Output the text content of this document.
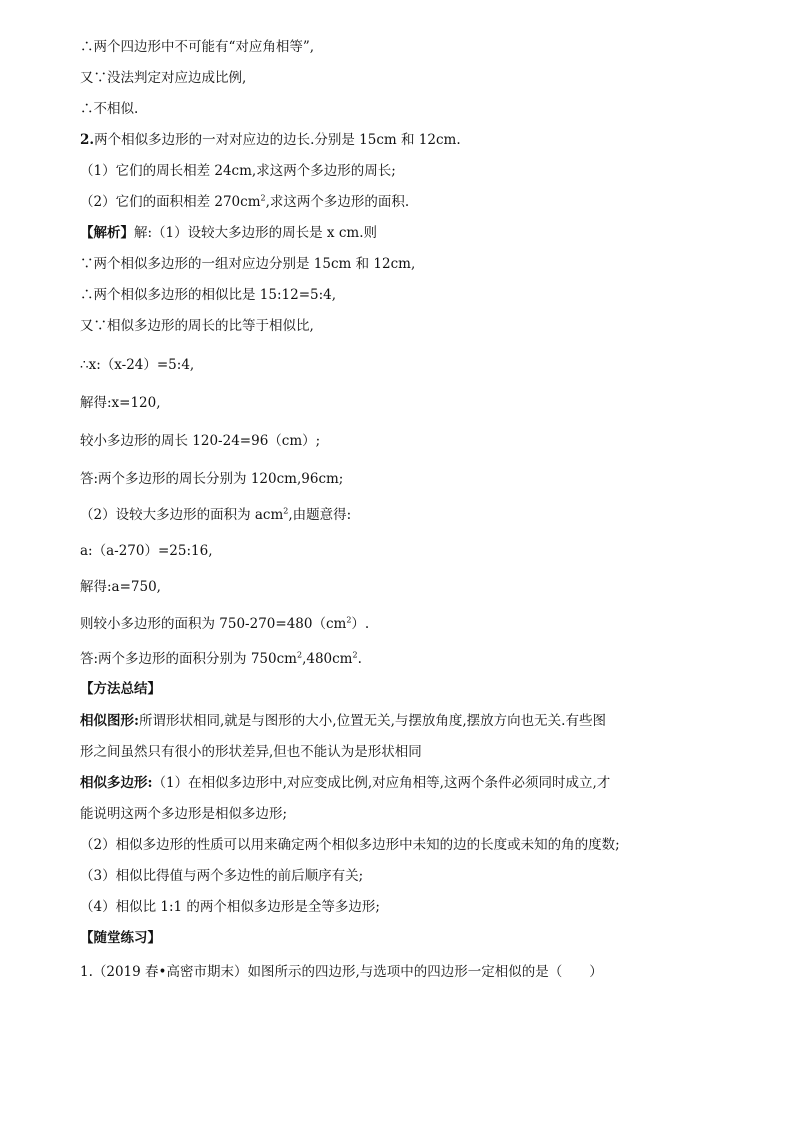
∴两个四边形中不可能有“对应角相等”,
又∵没法判定对应边成比例,
∴不相似.
2.两个相似多边形的一对对应边的边长.分别是 15cm 和 12cm.
（1）它们的周长相差 24cm,求这两个多边形的周长;
（2）它们的面积相差 $270cm^2$,求这两个多边形的面积.
【解析】解:（1）设较大多边形的周长是 x cm.则
∵两个相似多边形的一组对应边分别是 15cm 和 12cm,
∴两个相似多边形的相似比是 15:12=5:4,
又∵相似多边形的周长的比等于相似比,
∴x:（x-24）=5:4,
解得:x=120,
较小多边形的周长 120-24=96（cm）;
答:两个多边形的周长分别为 120cm,96cm;
（2）设较大多边形的面积为 acm$^2$,由题意得:
a:（a-270）=25:16,
解得:a=750,
则较小多边形的面积为 $750-270=480(cm^2)$.
答:两个多边形的面积分别为 $750cm^2,480cm^2$.
【方法总结】
相似图形:所谓形状相同,就是与图形的大小,位置无关,与摆放角度,摆放方向也无关.有些图
形之间虽然只有很小的形状差异,但也不能认为是形状相同
相似多边形:（1）在相似多边形中,对应变成比例,对应角相等,这两个条件必须同时成立,才
能说明这两个多边形是相似多边形;
（2）相似多边形的性质可以用来确定两个相似多边形中未知的边的长度或未知的角的度数;
（3）相似比得值与两个多边性的前后顺序有关;
（4）相似比 1:1 的两个相似多边形是全等多边形;
【随堂练习】
1.（2019 春•高密市期末）如图所示的四边形,与选项中的四边形一定相似的是（　　）
